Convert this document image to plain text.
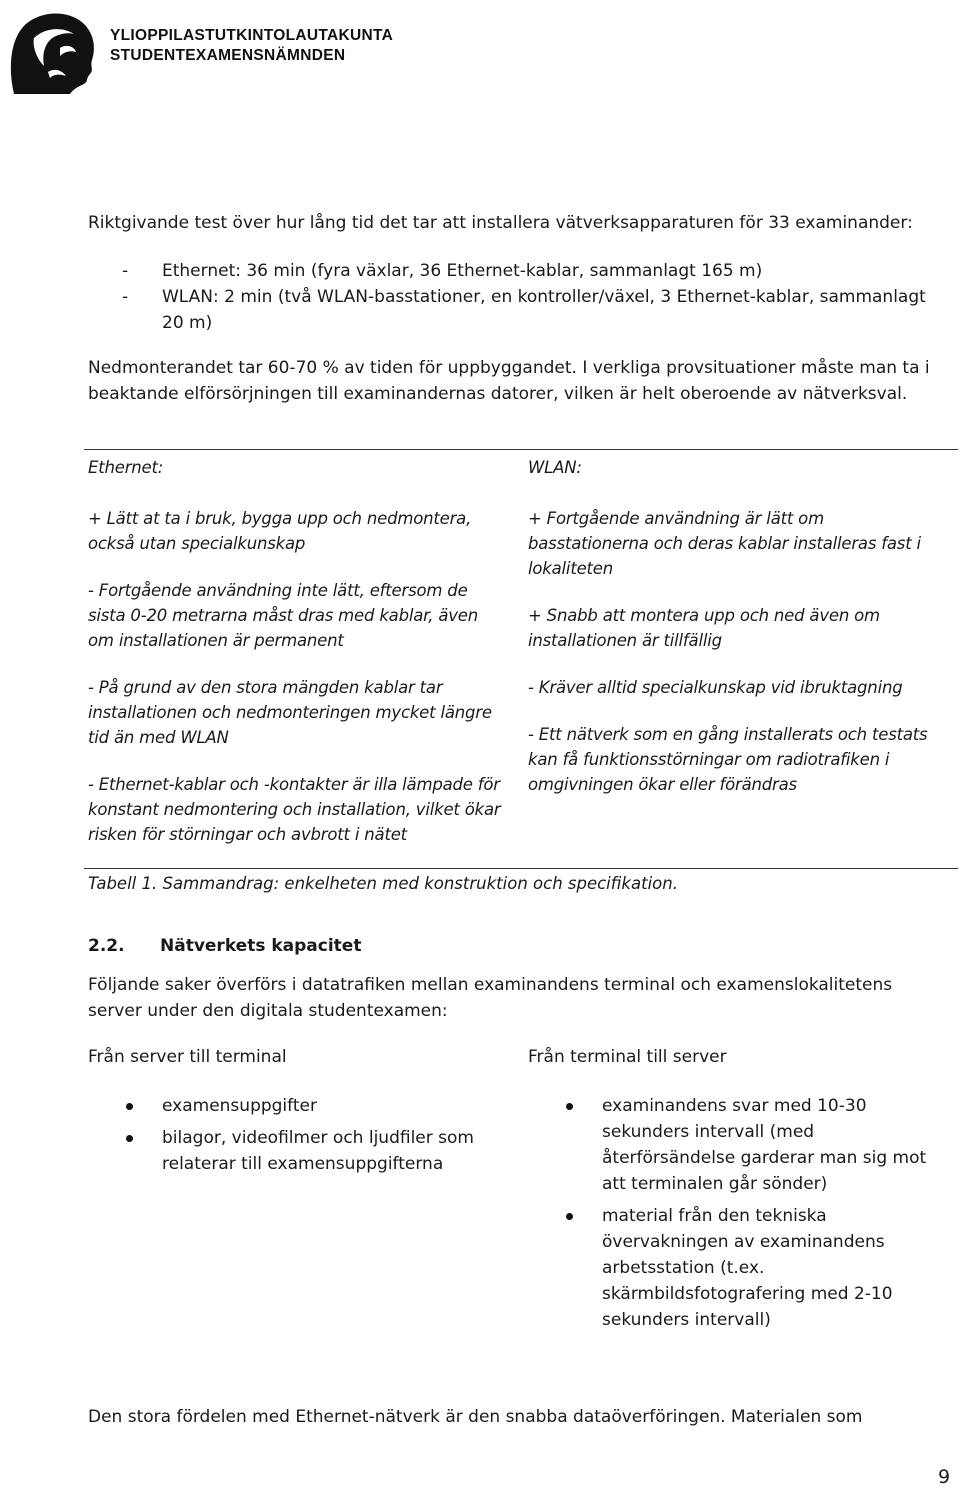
YLIOPPILASTUTKINTOLAUTAKUNTA
STUDENTEXAMENSNÄMNDEN
Riktgivande test över hur lång tid det tar att installera vätverksapparaturen för 33 examinander:
- Ethernet: 36 min (fyra växlar, 36 Ethernet-kablar, sammanlagt 165 m)
- WLAN: 2 min (två WLAN-basstationer, en kontroller/växel, 3 Ethernet-kablar, sammanlagt 20 m)
Nedmonterandet tar 60-70 % av tiden för uppbyggandet. I verkliga provsituationer måste man ta i beaktande elförsörjningen till examinandernas datorer, vilken är helt oberoende av nätverksval.

Ethernet:

+ Lätt at ta i bruk, bygga upp och nedmontera, också utan specialkunskap

- Fortgående användning inte lätt, eftersom de sista 0-20 metrarna måst dras med kablar, även om installationen är permanent

- På grund av den stora mängden kablar tar installationen och nedmonteringen mycket längre tid än med WLAN

- Ethernet-kablar och -kontakter är illa lämpade för konstant nedmontering och installation, vilket ökar risken för störningar och avbrott i nätet

WLAN:

+ Fortgående användning är lätt om basstationerna och deras kablar installeras fast i lokaliteten

+ Snabb att montera upp och ned även om installationen är tillfällig

- Kräver alltid specialkunskap vid ibruktagning

- Ett nätverk som en gång installerats och testats kan få funktionsstörningar om radiotrafiken i omgivningen ökar eller förändras

Tabell 1. Sammandrag: enkelheten med konstruktion och specifikation.
2.2. Nätverkets kapacitet
Följande saker överförs i datatrafiken mellan examinandens terminal och examenslokalitetens server under den digitala studentexamen:
Från server till terminal	Från terminal till server
examensuppgifter
bilagor, videofilmer och ljudfiler som relaterar till examensuppgifterna
examinandens svar med 10-30 sekunders intervall (med återförsändelse garderar man sig mot att terminalen går sönder)
material från den tekniska övervakningen av examinandens arbetsstation (t.ex. skärmbildsfotografering med 2-10 sekunders intervall)
Den stora fördelen med Ethernet-nätverk är den snabba dataöverföringen. Materialen som
9
